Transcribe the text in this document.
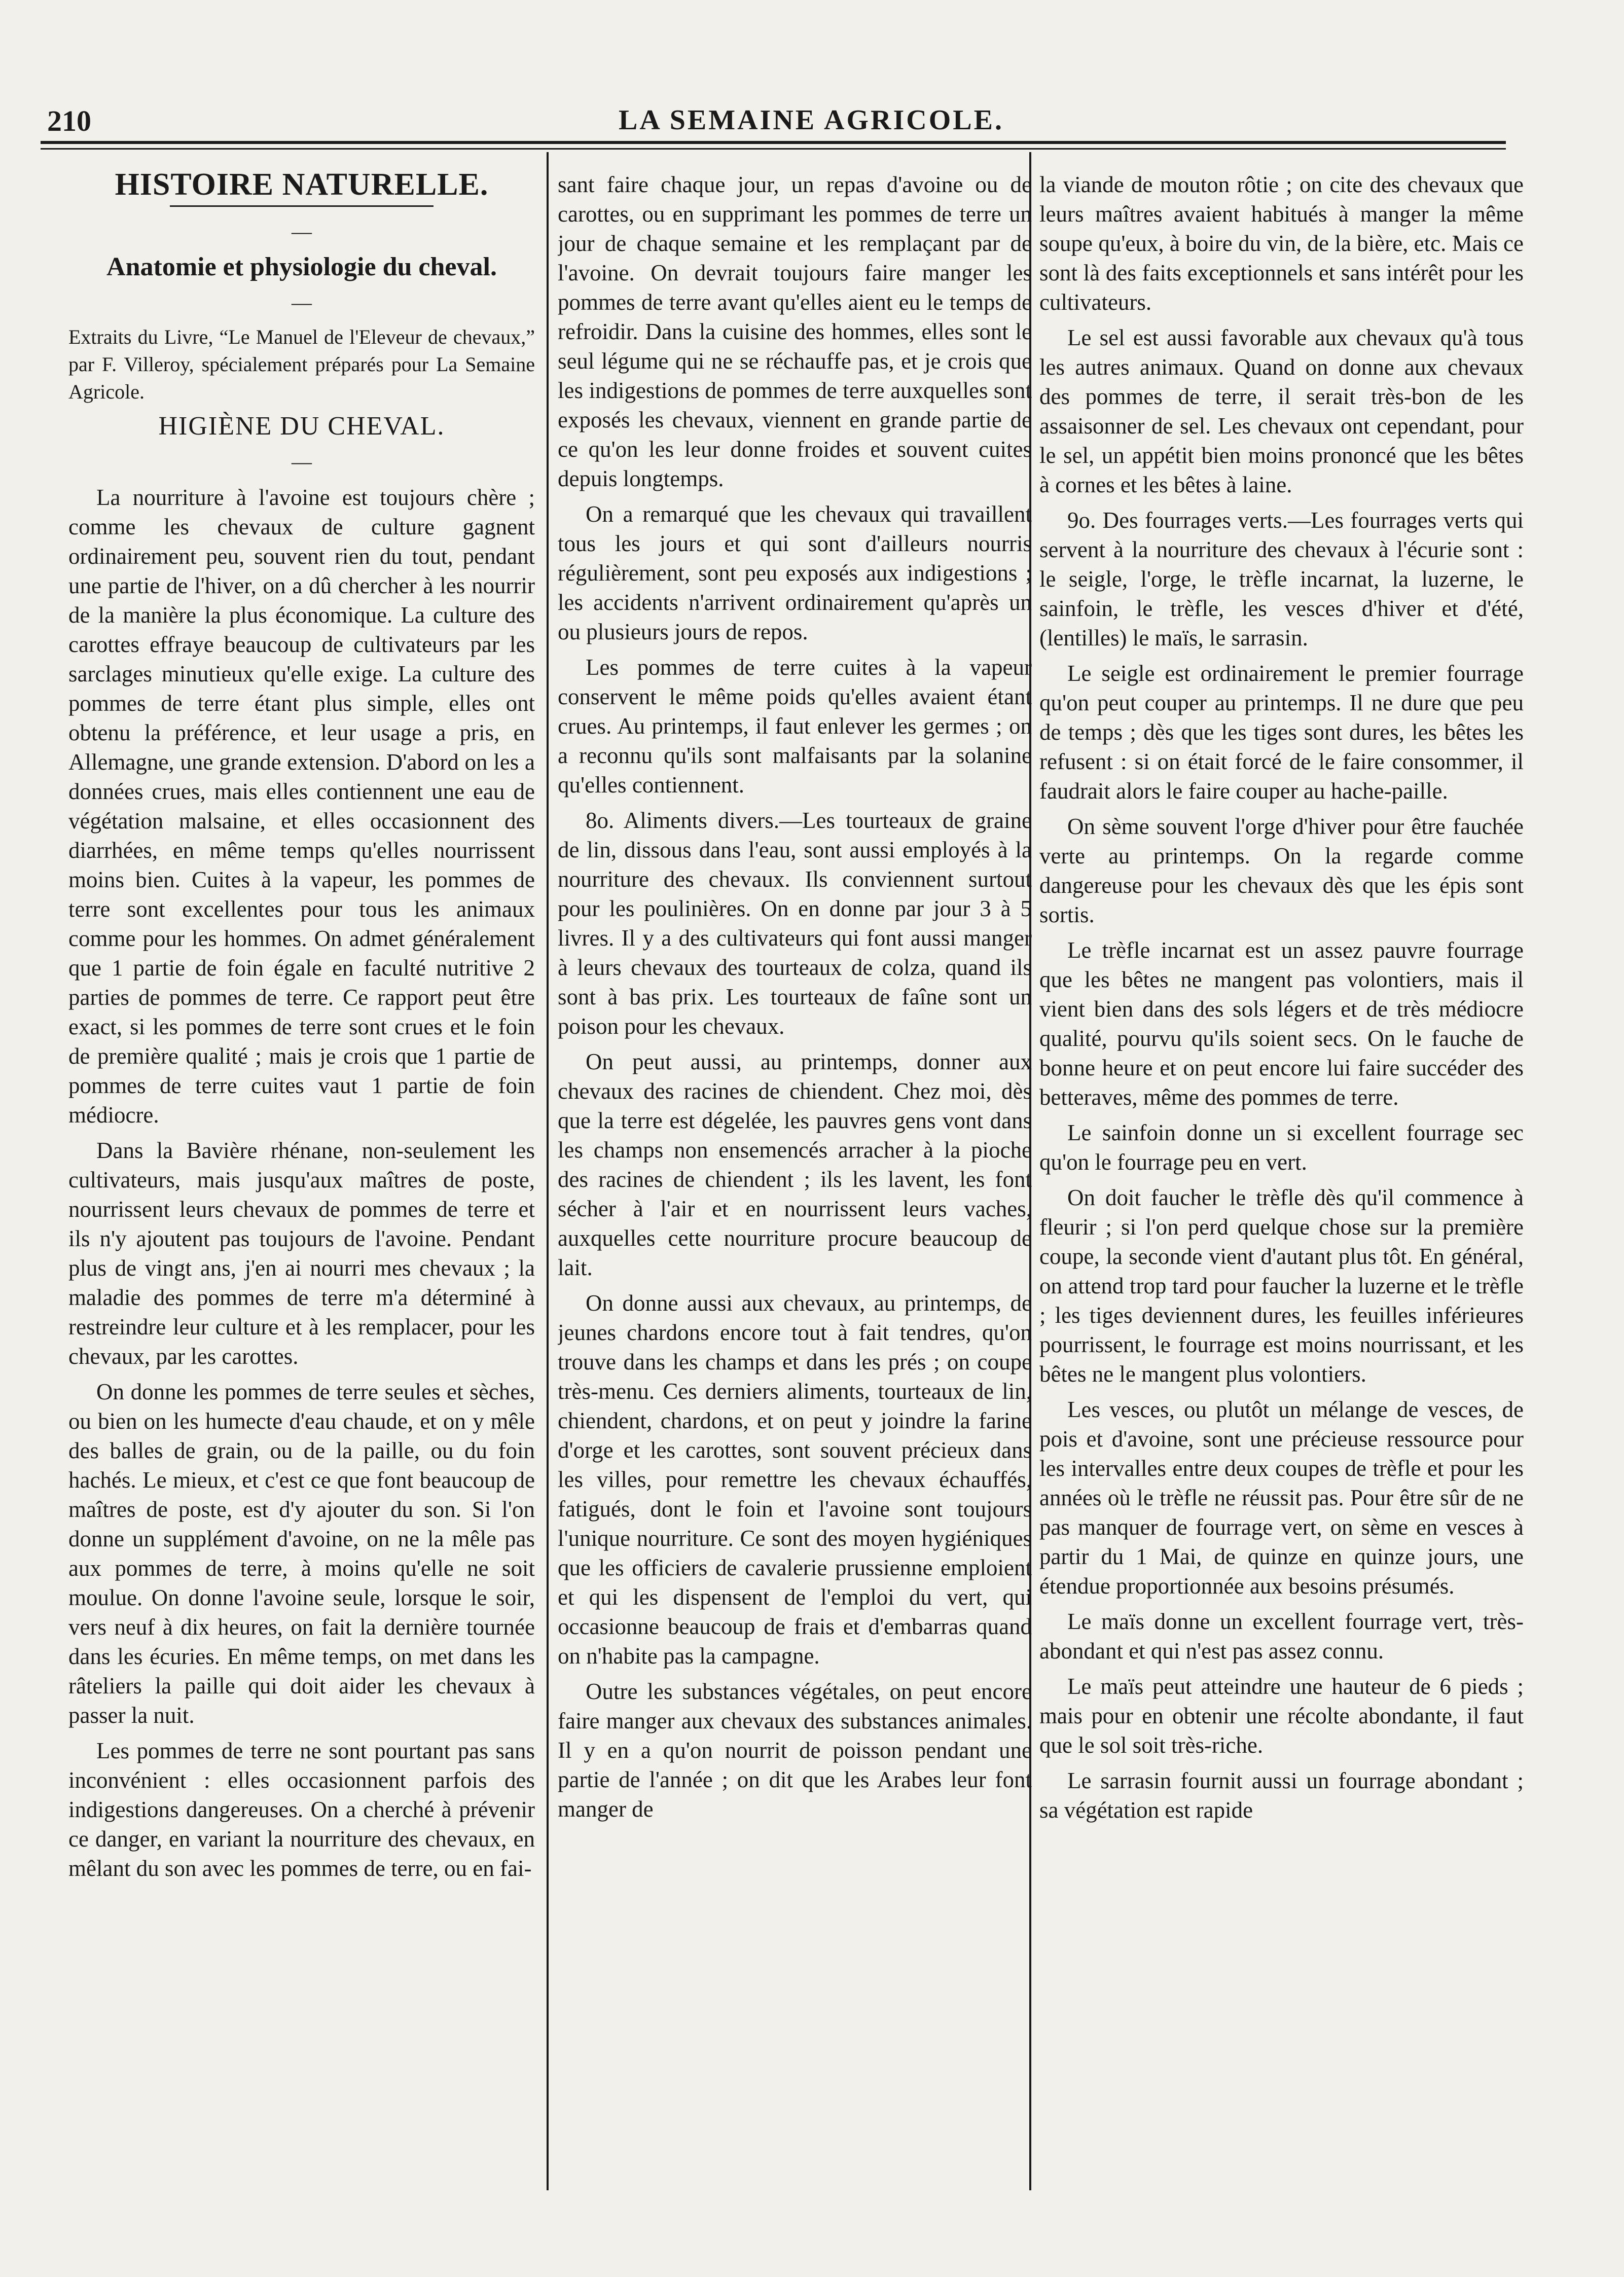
210	LA SEMAINE AGRICOLE.

HISTOIRE NATURELLE.

—

Anatomie et physiologie du cheval.

—

Extraits du Livre, “Le Manuel de l'Eleveur de chevaux,” par F. Villeroy, spécialement préparés pour La Semaine Agricole.

HIGIÈNE DU CHEVAL.

—

La nourriture à l'avoine est toujours chère ; comme les chevaux de culture gagnent ordinairement peu, souvent rien du tout, pendant une partie de l'hiver, on a dû chercher à les nourrir de la manière la plus économique. La culture des carottes effraye beaucoup de cultivateurs par les sarclages minutieux qu'elle exige. La culture des pommes de terre étant plus simple, elles ont obtenu la préférence, et leur usage a pris, en Allemagne, une grande extension. D'abord on les a données crues, mais elles contiennent une eau de végétation malsaine, et elles occasionnent des diarrhées, en même temps qu'elles nourrissent moins bien. Cuites à la vapeur, les pommes de terre sont excellentes pour tous les animaux comme pour les hommes. On admet généralement que 1 partie de foin égale en faculté nutritive 2 parties de pommes de terre. Ce rapport peut être exact, si les pommes de terre sont crues et le foin de première qualité ; mais je crois que 1 partie de pommes de terre cuites vaut 1 partie de foin médiocre.

Dans la Bavière rhénane, non-seulement les cultivateurs, mais jusqu'aux maîtres de poste, nourrissent leurs chevaux de pommes de terre et ils n'y ajoutent pas toujours de l'avoine. Pendant plus de vingt ans, j'en ai nourri mes chevaux ; la maladie des pommes de terre m'a déterminé à restreindre leur culture et à les remplacer, pour les chevaux, par les carottes.

On donne les pommes de terre seules et sèches, ou bien on les humecte d'eau chaude, et on y mêle des balles de grain, ou de la paille, ou du foin hachés. Le mieux, et c'est ce que font beaucoup de maîtres de poste, est d'y ajouter du son. Si l'on donne un supplément d'avoine, on ne la mêle pas aux pommes de terre, à moins qu'elle ne soit moulue. On donne l'avoine seule, lorsque le soir, vers neuf à dix heures, on fait la dernière tournée dans les écuries. En même temps, on met dans les râteliers la paille qui doit aider les chevaux à passer la nuit.

Les pommes de terre ne sont pourtant pas sans inconvénient : elles occasionnent parfois des indigestions dangereuses. On a cherché à prévenir ce danger, en variant la nourriture des chevaux, en mêlant du son avec les pommes de terre, ou en fai-

sant faire chaque jour, un repas d'avoine ou de carottes, ou en supprimant les pommes de terre un jour de chaque semaine et les remplaçant par de l'avoine. On devrait toujours faire manger les pommes de terre avant qu'elles aient eu le temps de refroidir. Dans la cuisine des hommes, elles sont le seul légume qui ne se réchauffe pas, et je crois que les indigestions de pommes de terre auxquelles sont exposés les chevaux, viennent en grande partie de ce qu'on les leur donne froides et souvent cuites depuis longtemps.

On a remarqué que les chevaux qui travaillent tous les jours et qui sont d'ailleurs nourris régulièrement, sont peu exposés aux indigestions ; les accidents n'arrivent ordinairement qu'après un ou plusieurs jours de repos.

Les pommes de terre cuites à la vapeur conservent le même poids qu'elles avaient étant crues. Au printemps, il faut enlever les germes ; on a reconnu qu'ils sont malfaisants par la solanine qu'elles contiennent.

8o. Aliments divers.—Les tourteaux de graine de lin, dissous dans l'eau, sont aussi employés à la nourriture des chevaux. Ils conviennent surtout pour les poulinières. On en donne par jour 3 à 5 livres. Il y a des cultivateurs qui font aussi manger à leurs chevaux des tourteaux de colza, quand ils sont à bas prix. Les tourteaux de faîne sont un poison pour les chevaux.

On peut aussi, au printemps, donner aux chevaux des racines de chiendent. Chez moi, dès que la terre est dégelée, les pauvres gens vont dans les champs non ensemencés arracher à la pioche des racines de chiendent ; ils les lavent, les font sécher à l'air et en nourrissent leurs vaches, auxquelles cette nourriture procure beaucoup de lait.

On donne aussi aux chevaux, au printemps, de jeunes chardons encore tout à fait tendres, qu'on trouve dans les champs et dans les prés ; on coupe très-menu. Ces derniers aliments, tourteaux de lin, chiendent, chardons, et on peut y joindre la farine d'orge et les carottes, sont souvent précieux dans les villes, pour remettre les chevaux échauffés, fatigués, dont le foin et l'avoine sont toujours l'unique nourriture. Ce sont des moyen hygiéniques que les officiers de cavalerie prussienne emploient et qui les dispensent de l'emploi du vert, qui occasionne beaucoup de frais et d'embarras quand on n'habite pas la campagne.

Outre les substances végétales, on peut encore faire manger aux chevaux des substances animales. Il y en a qu'on nourrit de poisson pendant une partie de l'année ; on dit que les Arabes leur font manger de

la viande de mouton rôtie ; on cite des chevaux que leurs maîtres avaient habitués à manger la même soupe qu'eux, à boire du vin, de la bière, etc. Mais ce sont là des faits exceptionnels et sans intérêt pour les cultivateurs.

Le sel est aussi favorable aux chevaux qu'à tous les autres animaux. Quand on donne aux chevaux des pommes de terre, il serait très-bon de les assaisonner de sel. Les chevaux ont cependant, pour le sel, un appétit bien moins prononcé que les bêtes à cornes et les bêtes à laine.

9o. Des fourrages verts.—Les fourrages verts qui servent à la nourriture des chevaux à l'écurie sont : le seigle, l'orge, le trèfle incarnat, la luzerne, le sainfoin, le trèfle, les vesces d'hiver et d'été, (lentilles) le maïs, le sarrasin.

Le seigle est ordinairement le premier fourrage qu'on peut couper au printemps. Il ne dure que peu de temps ; dès que les tiges sont dures, les bêtes les refusent : si on était forcé de le faire consommer, il faudrait alors le faire couper au hache-paille.

On sème souvent l'orge d'hiver pour être fauchée verte au printemps. On la regarde comme dangereuse pour les chevaux dès que les épis sont sortis.

Le trèfle incarnat est un assez pauvre fourrage que les bêtes ne mangent pas volontiers, mais il vient bien dans des sols légers et de très médiocre qualité, pourvu qu'ils soient secs. On le fauche de bonne heure et on peut encore lui faire succéder des betteraves, même des pommes de terre.

Le sainfoin donne un si excellent fourrage sec qu'on le fourrage peu en vert.

On doit faucher le trèfle dès qu'il commence à fleurir ; si l'on perd quelque chose sur la première coupe, la seconde vient d'autant plus tôt. En général, on attend trop tard pour faucher la luzerne et le trèfle ; les tiges deviennent dures, les feuilles inférieures pourrissent, le fourrage est moins nourrissant, et les bêtes ne le mangent plus volontiers.

Les vesces, ou plutôt un mélange de vesces, de pois et d'avoine, sont une précieuse ressource pour les intervalles entre deux coupes de trèfle et pour les années où le trèfle ne réussit pas. Pour être sûr de ne pas manquer de fourrage vert, on sème en vesces à partir du 1 Mai, de quinze en quinze jours, une étendue proportionnée aux besoins présumés.

Le maïs donne un excellent fourrage vert, très-abondant et qui n'est pas assez connu.

Le maïs peut atteindre une hauteur de 6 pieds ; mais pour en obtenir une récolte abondante, il faut que le sol soit très-riche.

Le sarrasin fournit aussi un fourrage abondant ; sa végétation est rapide
